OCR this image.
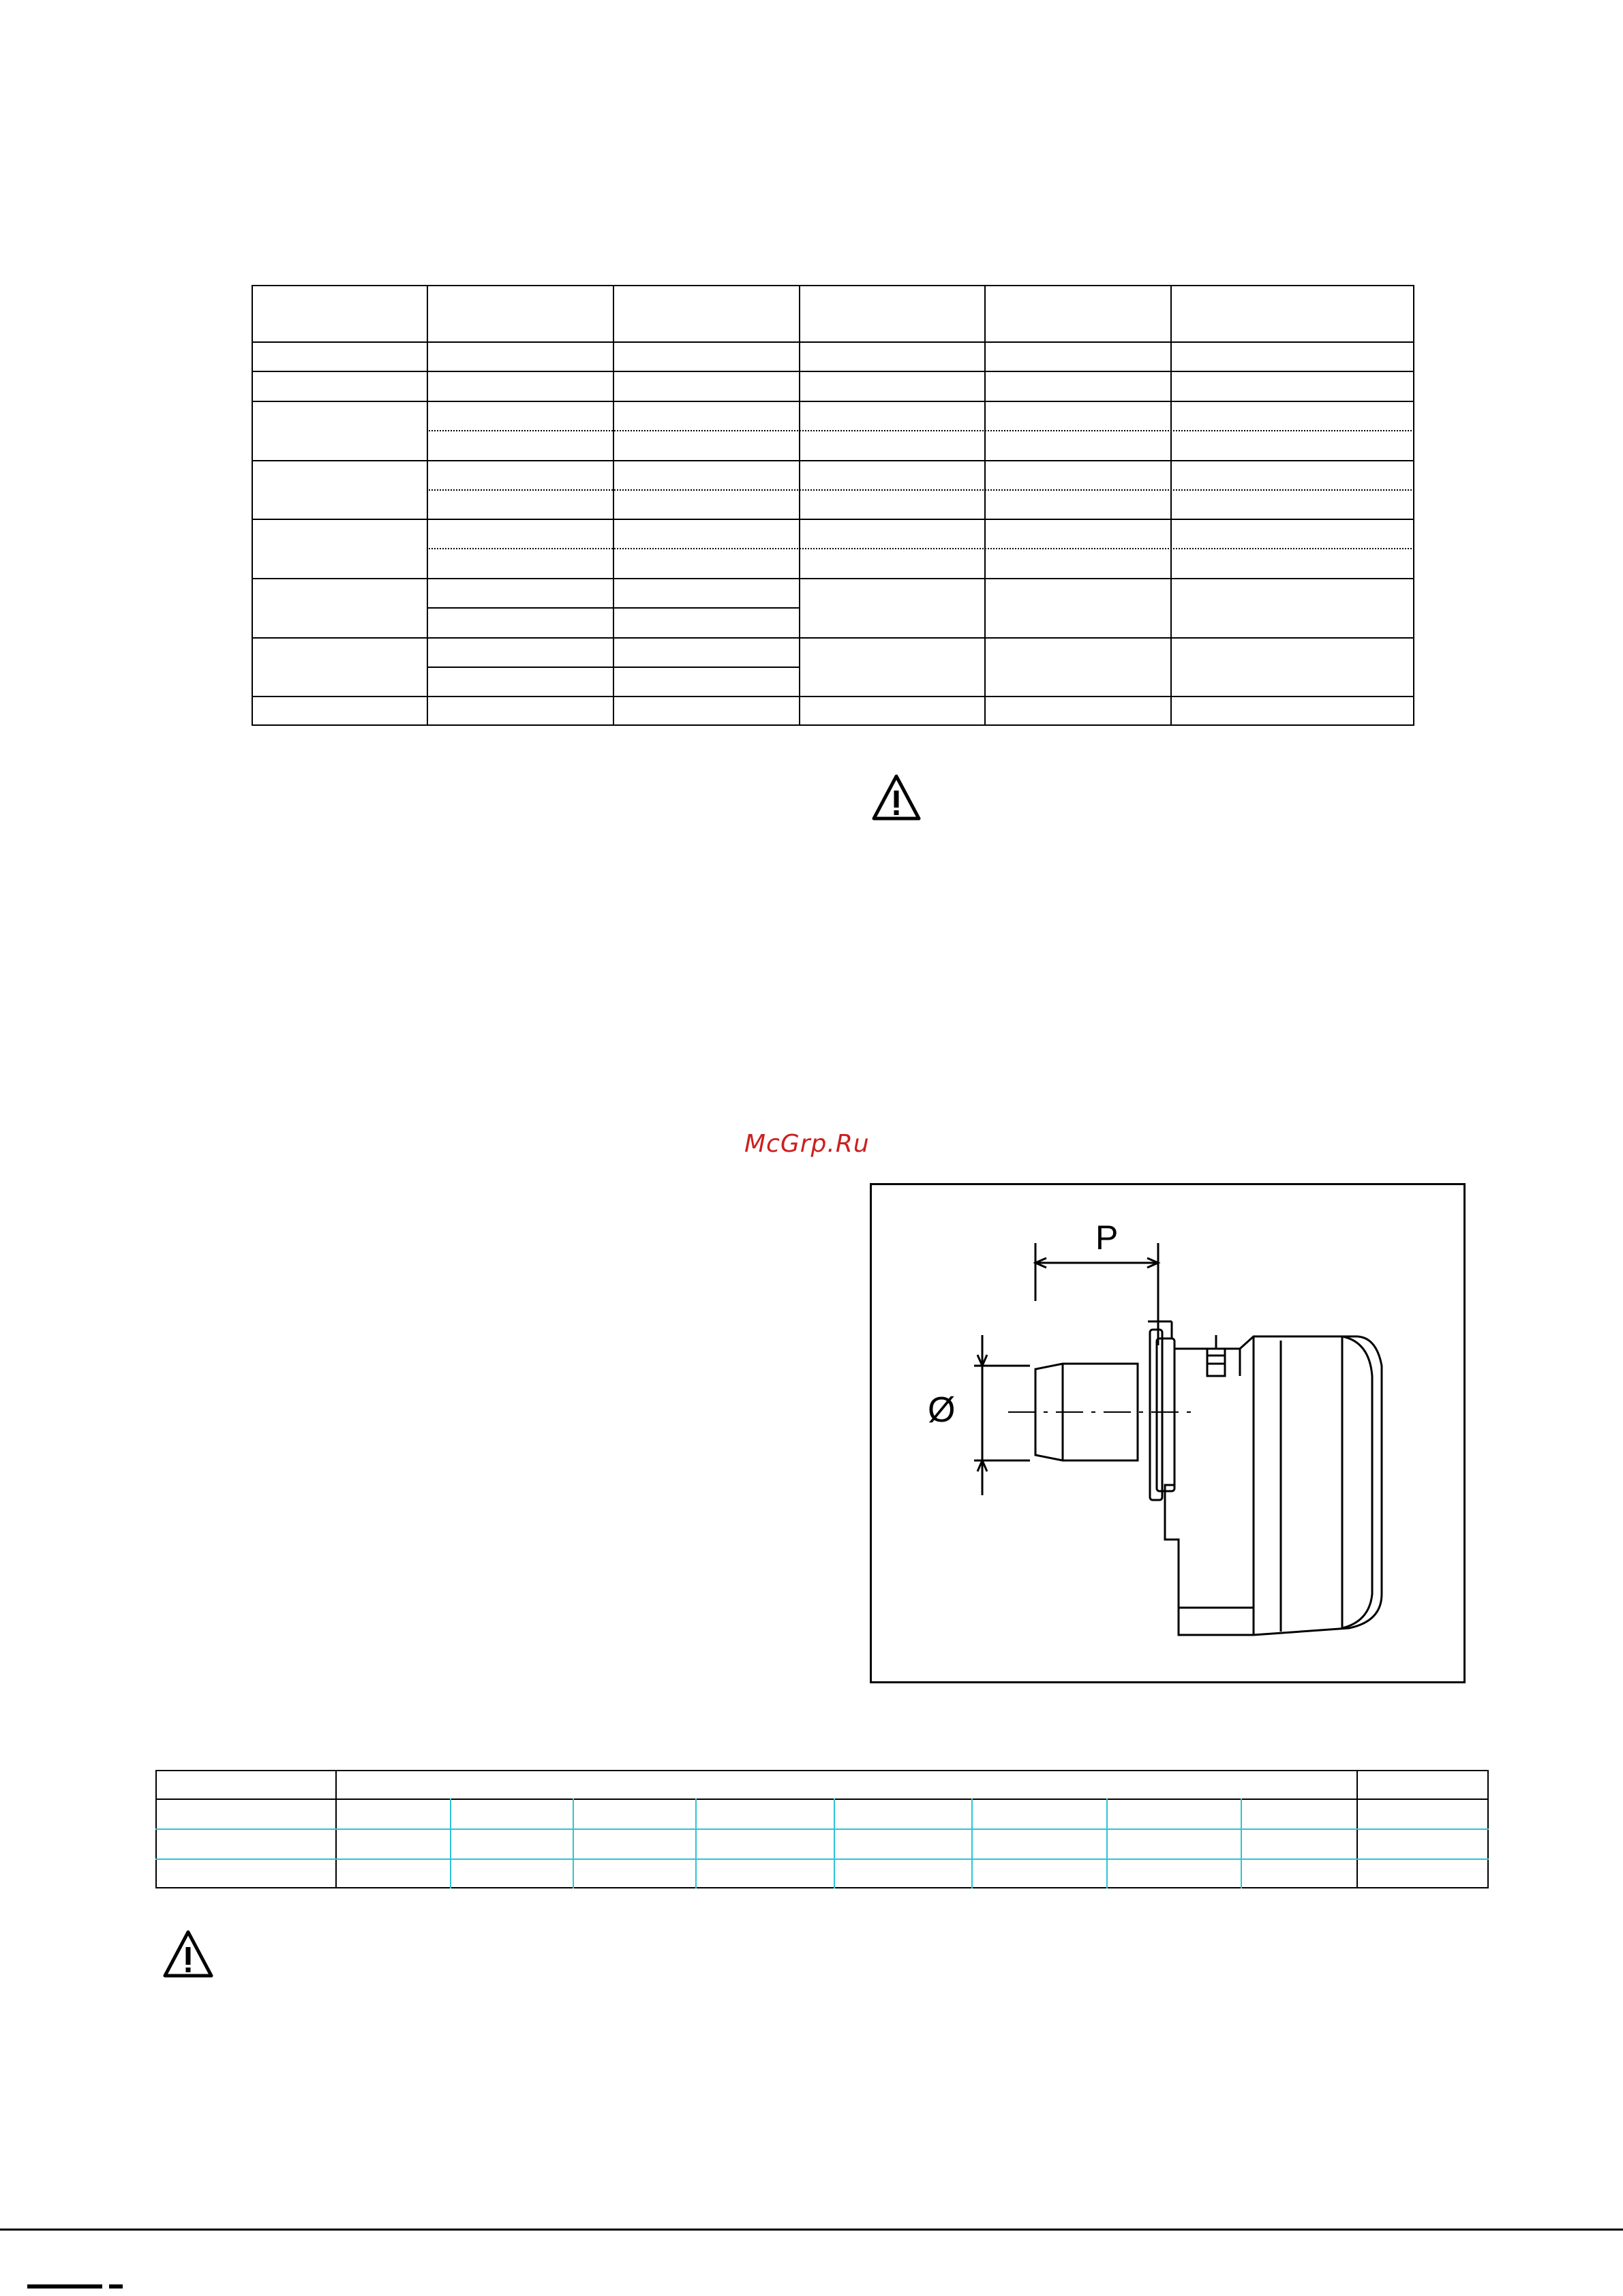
McGrp.Ru
P
Ø
